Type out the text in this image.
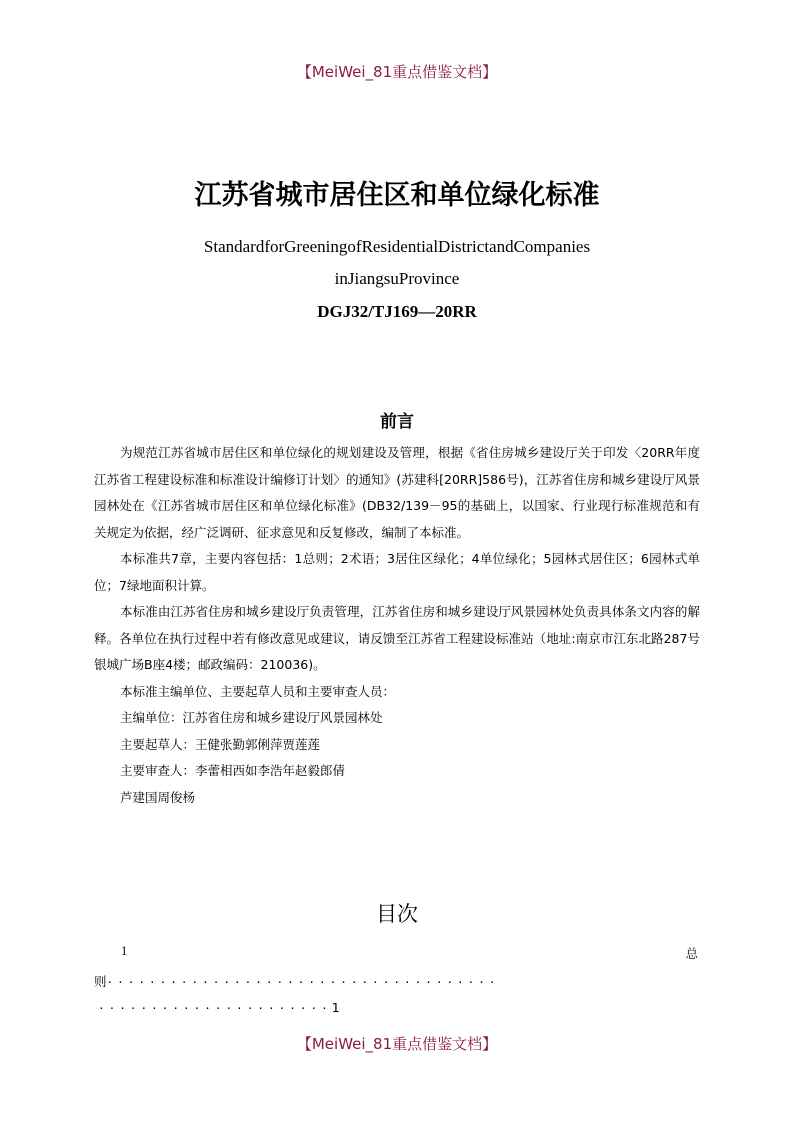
【MeiWei_81重点借鉴文档】
江苏省城市居住区和单位绿化标准
StandardforGreeningofResidentialDistrictandCompanies
inJiangsuProvince
DGJ32/TJ169—20RR
前言

为规范江苏省城市居住区和单位绿化的规划建设及管理，根据《省住房城乡建设厅关于印发〈20RR年度江苏省工程建设标准和标准设计编修订计划〉的通知》(苏建科[20RR]586号)，江苏省住房和城乡建设厅风景园林处在《江苏省城市居住区和单位绿化标准》(DB32/139－95的基础上，以国家、行业现行标准规范和有关规定为依据，经广泛调研、征求意见和反复修改，编制了本标准。

本标准共7章，主要内容包括：1总则；2术语；3居住区绿化；4单位绿化；5园林式居住区；6园林式单位；7绿地面积计算。

本标准由江苏省住房和城乡建设厅负责管理，江苏省住房和城乡建设厅风景园林处负责具体条文内容的解释。各单位在执行过程中若有修改意见或建议，请反馈至江苏省工程建设标准站（地址:南京市江东北路287号银城广场B座4楼；邮政编码：210036)。

本标准主编单位、主要起草人员和主要审查人员：

主编单位：江苏省住房和城乡建设厅风景园林处

主要起草人：王健张勤郭俐萍贾莲莲

主要审查人：李蕾相西如李浩年赵毅郎倩

芦建国周俊杨

目次
1	总
则·····································
······················1
【MeiWei_81重点借鉴文档】
